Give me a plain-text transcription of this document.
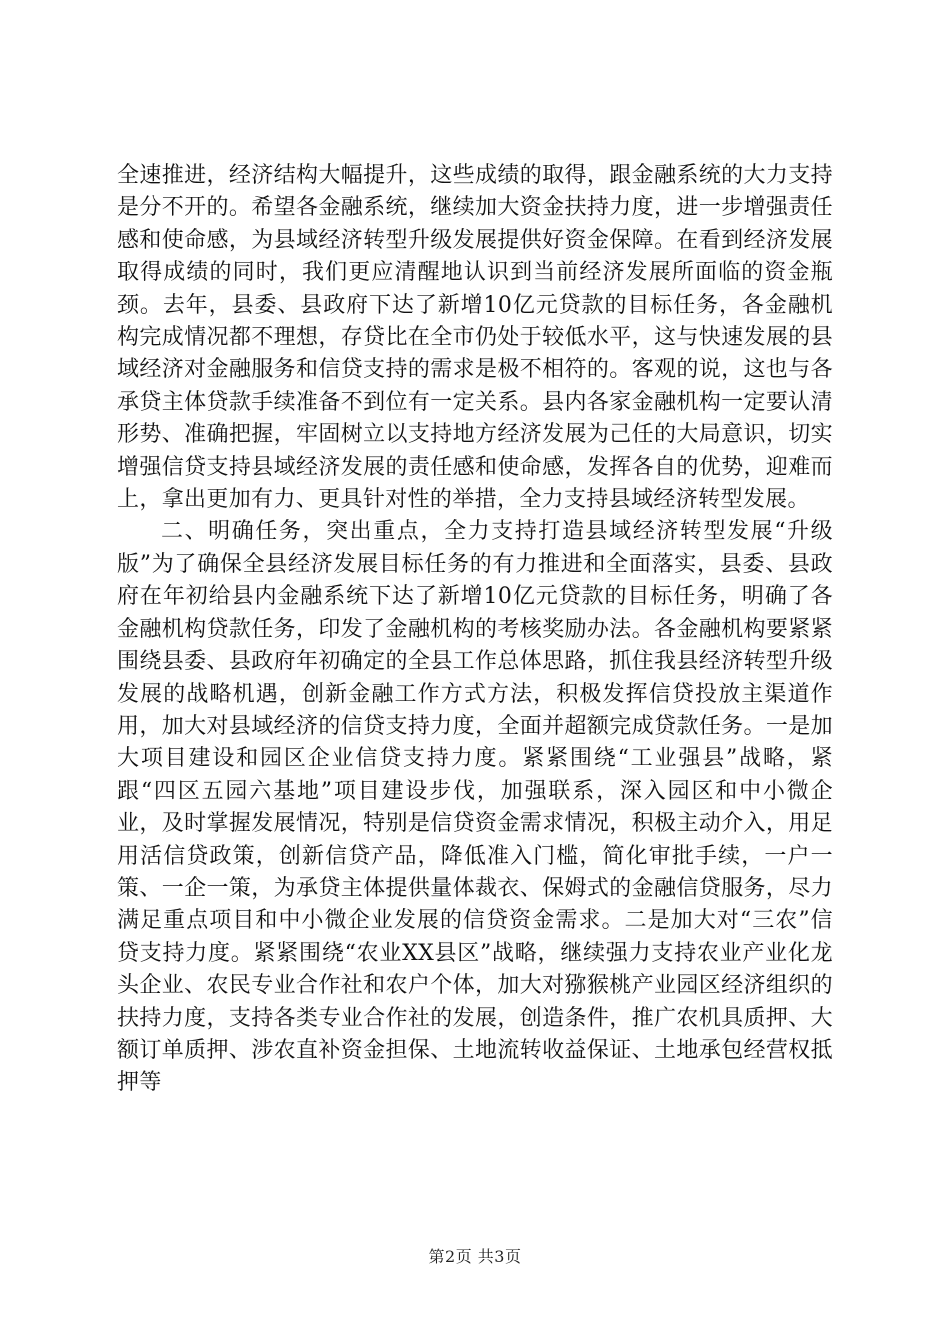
全速推进，经济结构大幅提升，这些成绩的取得，跟金融系统的大力支持是分不开的。希望各金融系统，继续加大资金扶持力度，进一步增强责任感和使命感，为县域经济转型升级发展提供好资金保障。在看到经济发展取得成绩的同时，我们更应清醒地认识到当前经济发展所面临的资金瓶颈。去年，县委、县政府下达了新增10亿元贷款的目标任务，各金融机构完成情况都不理想，存贷比在全市仍处于较低水平，这与快速发展的县域经济对金融服务和信贷支持的需求是极不相符的。客观的说，这也与各承贷主体贷款手续准备不到位有一定关系。县内各家金融机构一定要认清形势、准确把握，牢固树立以支持地方经济发展为己任的大局意识，切实增强信贷支持县域经济发展的责任感和使命感，发挥各自的优势，迎难而上，拿出更加有力、更具针对性的举措，全力支持县域经济转型发展。

二、明确任务，突出重点，全力支持打造县域经济转型发展“升级版”为了确保全县经济发展目标任务的有力推进和全面落实，县委、县政府在年初给县内金融系统下达了新增10亿元贷款的目标任务，明确了各金融机构贷款任务，印发了金融机构的考核奖励办法。各金融机构要紧紧围绕县委、县政府年初确定的全县工作总体思路，抓住我县经济转型升级发展的战略机遇，创新金融工作方式方法，积极发挥信贷投放主渠道作用，加大对县域经济的信贷支持力度，全面并超额完成贷款任务。一是加大项目建设和园区企业信贷支持力度。紧紧围绕“工业强县”战略，紧跟“四区五园六基地”项目建设步伐，加强联系，深入园区和中小微企业，及时掌握发展情况，特别是信贷资金需求情况，积极主动介入，用足用活信贷政策，创新信贷产品，降低准入门槛，简化审批手续，一户一策、一企一策，为承贷主体提供量体裁衣、保姆式的金融信贷服务，尽力满足重点项目和中小微企业发展的信贷资金需求。二是加大对“三农”信贷支持力度。紧紧围绕“农业XX县区”战略，继续强力支持农业产业化龙头企业、农民专业合作社和农户个体，加大对猕猴桃产业园区经济组织的扶持力度，支持各类专业合作社的发展，创造条件，推广农机具质押、大额订单质押、涉农直补资金担保、土地流转收益保证、土地承包经营权抵押等

第2页 共3页
